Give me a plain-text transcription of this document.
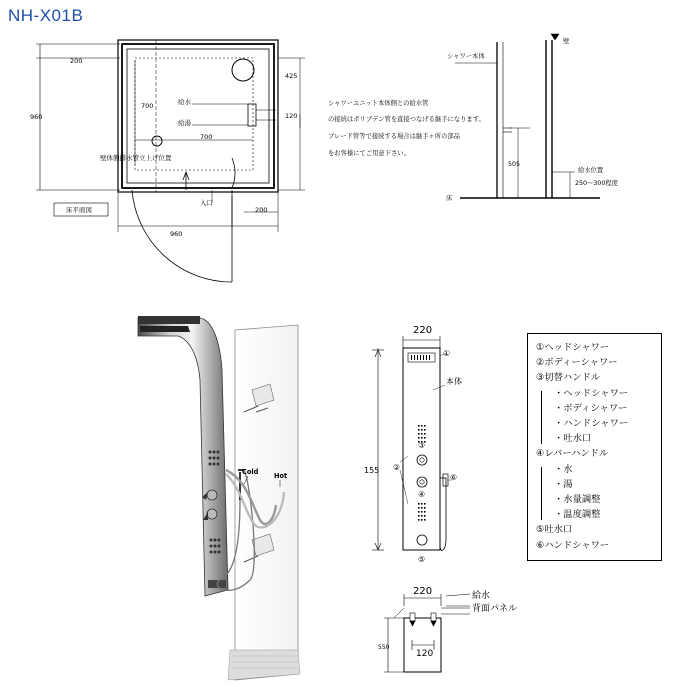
NH-X01B
200
960
700
700
425
120
給水
給湯
壁体側排水管立上げ位置
入口
200
床平面図
960
シャワーユニット本体側との給水管
の接続はポリブデン管を直接つなげる継手になります。
ブレード管等で接続する場合は継手ヶ所の部品
をお客様にてご用意下さい。
シャワー本体
壁
505
給水位置
250～300程度
床
Cold Hot
220
本体
155
①
②
③
④
⑤
⑥
①ヘッドシャワー
②ボディーシャワー
③切替ハンドル
・ヘッドシャワー
・ボディシャワー
・ハンドシャワー
・吐水口
④レバーハンドル
・水
・湯
・水量調整
・温度調整
⑤吐水口
⑥ハンドシャワー
220	給水
背面パネル
550
120
